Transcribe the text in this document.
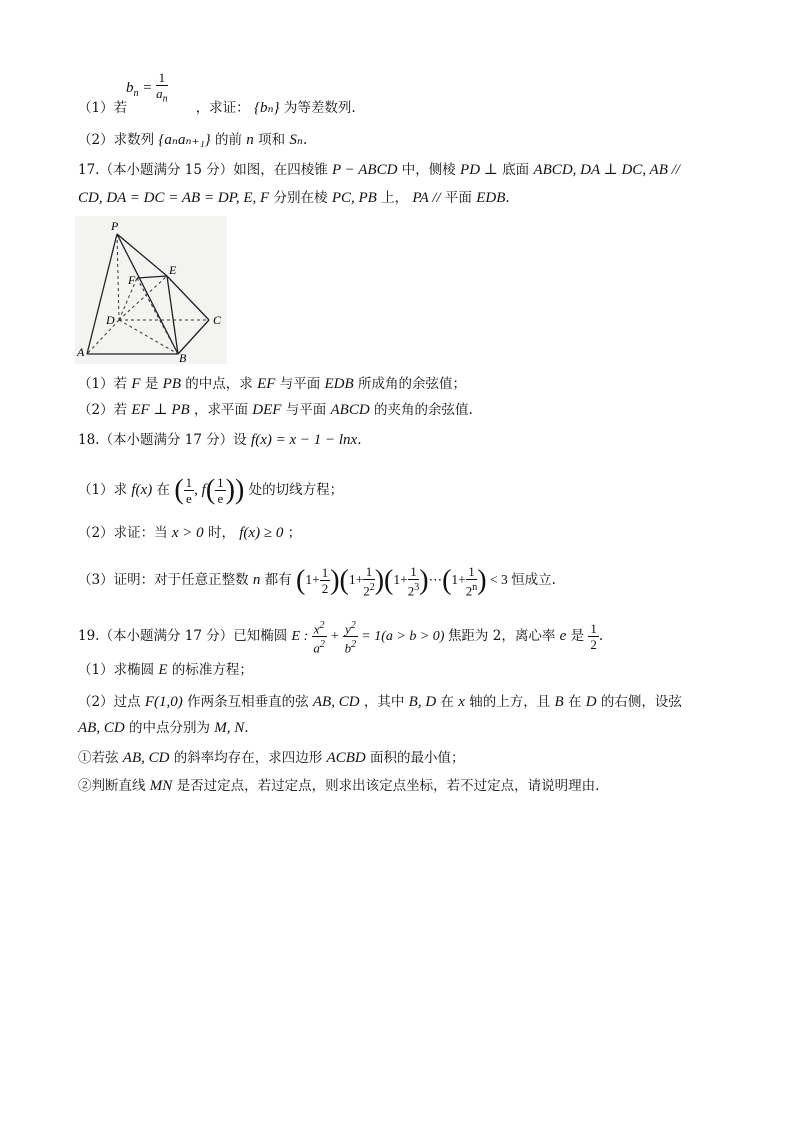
$b_n = \frac{1}{a_n}$
（1）若	，求证： {bₙ} 为等差数列.
（2）求数列 {aₙaₙ₊₁} 的前 n 项和 Sₙ.
17.（本小题满分 15 分）如图，在四棱锥 P − ABCD 中，侧棱 PD ⊥ 底面 ABCD, DA ⊥ DC, AB //
CD, DA = DC = AB = DP, E, F 分别在棱 PC, PB 上， PA // 平面 EDB.
P
E
F
D	C
A	B
（1）若 F 是 PB 的中点，求 EF 与平面 EDB 所成角的余弦值；
（2）若 EF ⊥ PB ，求平面 DEF 与平面 ABCD 的夹角的余弦值.
18.（本小题满分 17 分）设 f(x) = x − 1 − lnx.
（1）求 f(x) 在 ( $\frac{1}{e}$ , $f( \frac{1}{e}$ )) 处的切线方程；
（2）求证：当 x > 0 时， f(x) ≥ 0 ；
（3）证明：对于任意正整数 n 都有 $(1+ \frac{1}{2} )(1+ \frac{1}{2^2} )(1+ \frac{1}{2^3}$ )⋯(1+ $\frac{1}{2^n}$ ) < 3 恒成立.
19.（本小题满分 17 分）已知椭圆 E : $\frac{x^2}{a^2} + \frac{y^2}{b^2} = 1(a > b > 0)$ 焦距为 2，离心率 e 是 $\frac{1}{2}$ .
（1）求椭圆 E 的标准方程；
（2）过点 F(1,0) 作两条互相垂直的弦 AB, CD ，其中 B, D 在 x 轴的上方，且 B 在 D 的右侧，设弦
AB, CD 的中点分别为 M, N.
①若弦 AB, CD 的斜率均存在，求四边形 ACBD 面积的最小值；
②判断直线 MN 是否过定点，若过定点，则求出该定点坐标，若不过定点，请说明理由.
